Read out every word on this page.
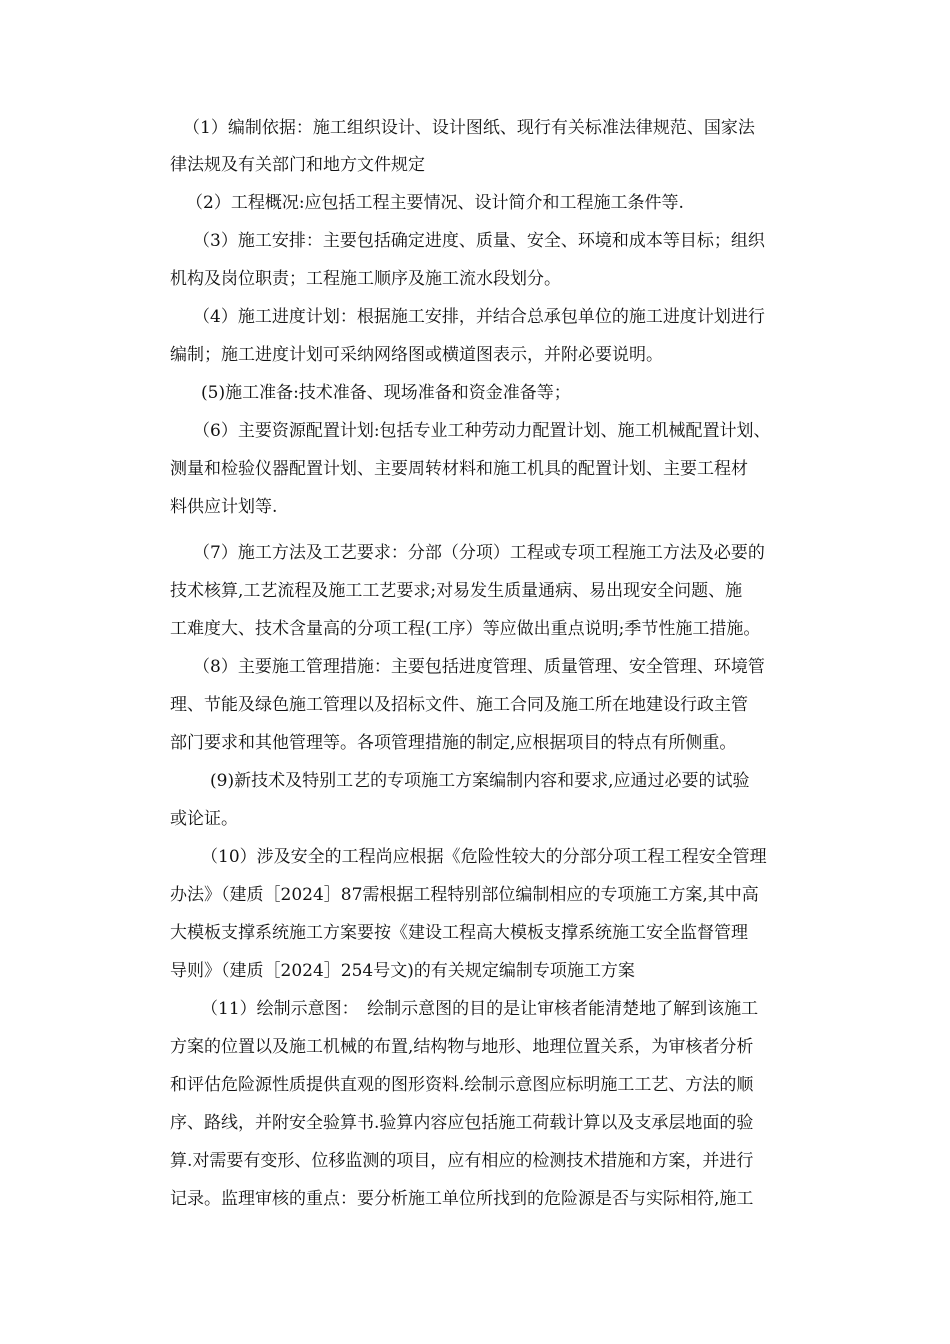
（1）编制依据：施工组织设计、设计图纸、现行有关标准法律规范、国家法
律法规及有关部门和地方文件规定
（2）工程概况:应包括工程主要情况、设计简介和工程施工条件等.
（3）施工安排：主要包括确定进度、质量、安全、环境和成本等目标；组织
机构及岗位职责；工程施工顺序及施工流水段划分。
（4）施工进度计划：根据施工安排，并结合总承包单位的施工进度计划进行
编制；施工进度计划可采纳网络图或横道图表示，并附必要说明。
(5)施工准备:技术准备、现场准备和资金准备等；
（6）主要资源配置计划:包括专业工种劳动力配置计划、施工机械配置计划、
测量和检验仪器配置计划、主要周转材料和施工机具的配置计划、主要工程材
料供应计划等.
（7）施工方法及工艺要求：分部（分项）工程或专项工程施工方法及必要的
技术核算,工艺流程及施工工艺要求;对易发生质量通病、易出现安全问题、施
工难度大、技术含量高的分项工程(工序）等应做出重点说明;季节性施工措施。
（8）主要施工管理措施：主要包括进度管理、质量管理、安全管理、环境管
理、节能及绿色施工管理以及招标文件、施工合同及施工所在地建设行政主管
部门要求和其他管理等。各项管理措施的制定,应根据项目的特点有所侧重。
(9)新技术及特别工艺的专项施工方案编制内容和要求,应通过必要的试验
或论证。
（10）涉及安全的工程尚应根据《危险性较大的分部分项工程工程安全管理
办法》（建质［2024］87需根据工程特别部位编制相应的专项施工方案,其中高
大模板支撑系统施工方案要按《建设工程高大模板支撑系统施工安全监督管理
导则》（建质［2024］254号文)的有关规定编制专项施工方案
（11）绘制示意图：　绘制示意图的目的是让审核者能清楚地了解到该施工
方案的位置以及施工机械的布置,结构物与地形、地理位置关系，为审核者分析
和评估危险源性质提供直观的图形资料.绘制示意图应标明施工工艺、方法的顺
序、路线，并附安全验算书.验算内容应包括施工荷载计算以及支承层地面的验
算.对需要有变形、位移监测的项目，应有相应的检测技术措施和方案，并进行
记录。监理审核的重点：要分析施工单位所找到的危险源是否与实际相符,施工
